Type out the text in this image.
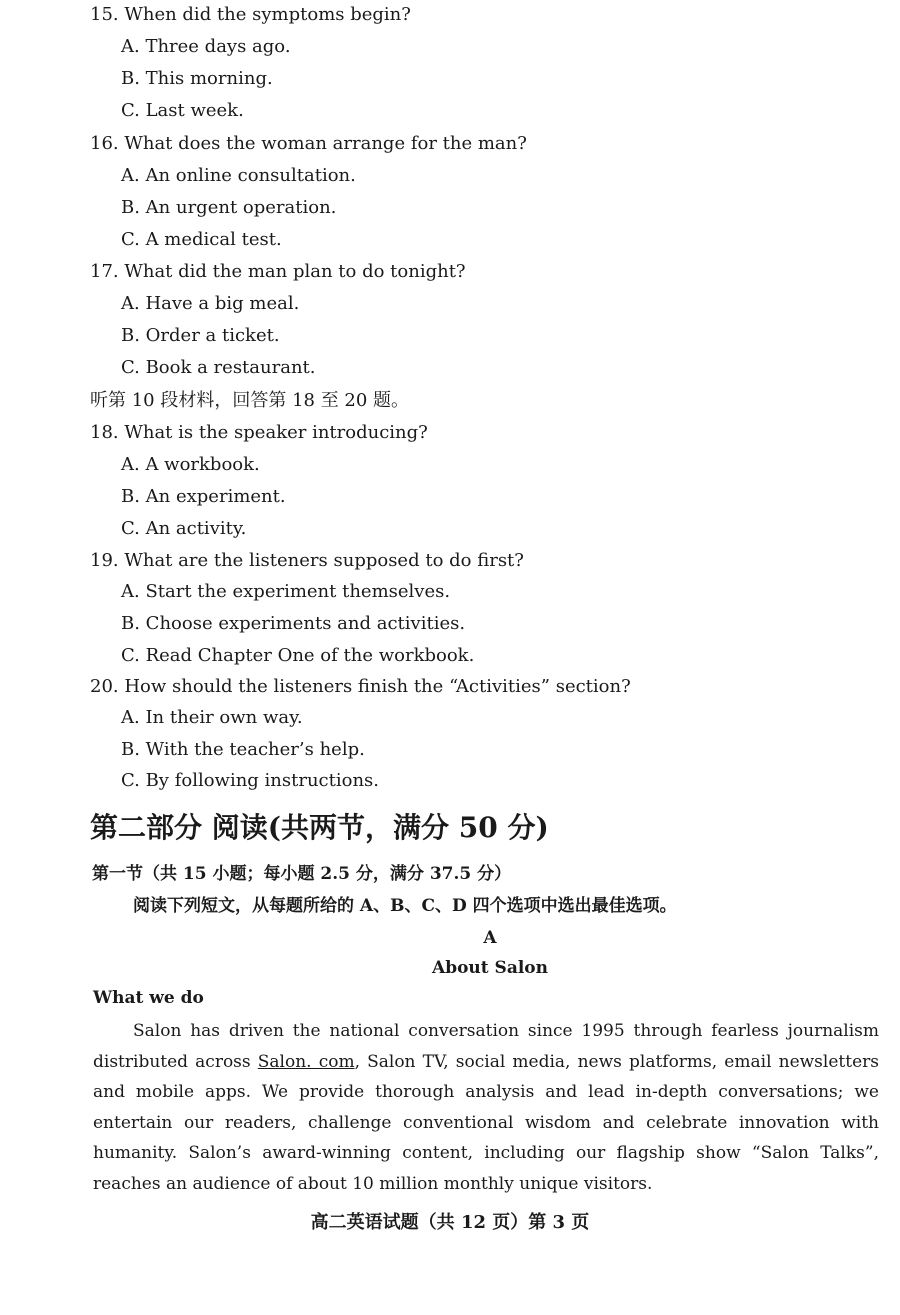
15. When did the symptoms begin?
A. Three days ago.
B. This morning.
C. Last week.
16. What does the woman arrange for the man?
A. An online consultation.
B. An urgent operation.
C. A medical test.
17. What did the man plan to do tonight?
A. Have a big meal.
B. Order a ticket.
C. Book a restaurant.
听第 10 段材料，回答第 18 至 20 题。
18. What is the speaker introducing?
A. A workbook.
B. An experiment.
C. An activity.
19. What are the listeners supposed to do first?
A. Start the experiment themselves.
B. Choose experiments and activities.
C. Read Chapter One of the workbook.
20. How should the listeners finish the “Activities” section?
A. In their own way.
B. With the teacher’s help.
C. By following instructions.
第二部分 阅读(共两节，满分 50 分)
第一节（共 15 小题；每小题 2.5 分，满分 37.5 分）
阅读下列短文，从每题所给的 A、B、C、D 四个选项中选出最佳选项。
A
About Salon
What we do
Salon has driven the national conversation since 1995 through fearless journalism distributed across Salon. com, Salon TV, social media, news platforms, email newsletters and mobile apps. We provide thorough analysis and lead in-depth conversations; we entertain our readers, challenge conventional wisdom and celebrate innovation with humanity. Salon’s award-winning content, including our flagship show “Salon Talks”, reaches an audience of about 10 million monthly unique visitors.
高二英语试题（共 12 页）第 3 页
